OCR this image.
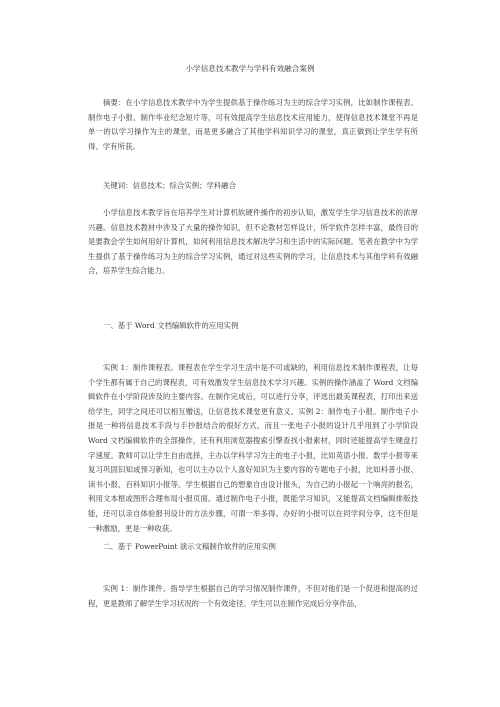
小学信息技术教学与学科有效融合案例

摘要：在小学信息技术教学中为学生提供基于操作练习为主的综合学习实例，比如制作课程表、制作电子小报、制作毕业纪念短片等，可有效提高学生信息技术应用能力，使得信息技术课堂不再是单一的以学习操作为主的课堂，而是更多融合了其他学科知识学习的课堂，真正做到让学生学有所得、学有所获。

关键词：信息技术；综合实例；学科融合

小学信息技术教学旨在培养学生对计算机软硬件操作的初步认知，激发学生学习信息技术的浓厚兴趣。信息技术教材中涉及了大量的操作知识，但不论教材怎样设计，所学软件怎样丰富，最终目的是要教会学生如何用好计算机，如何利用信息技术解决学习和生活中的实际问题。笔者在教学中为学生提供了基于操作练习为主的综合学习实例，通过对这些实例的学习，让信息技术与其他学科有效融合，培养学生综合能力。

一、基于 Word 文档编辑软件的应用实例

实例 1：制作课程表。课程表在学生学习生活中是不可或缺的，利用信息技术制作课程表，让每个学生都有属于自己的课程表，可有效激发学生信息技术学习兴趣。实例的操作涵盖了 Word 文档编辑软件在小学阶段涉及的主要内容。在制作完成后，可以进行分享，评选出最美课程表，打印出来送给学生，同学之间还可以相互赠送，让信息技术课堂更有意义。实例 2：制作电子小报。制作电子小报是一种将信息技术手段与手抄报结合的很好方式，而且一张电子小报的设计几乎用到了小学阶段 Word 文档编辑软件的全部操作，还有利用浏览器搜索引擎查找小报素材，同时还能提高学生键盘打字速度。教师可以让学生自由选择，主办以学科学习为主的电子小报，比如英语小报、数学小报等来复习巩固旧知或预习新知，也可以主办以个人喜好知识为主要内容的专题电子小报，比如科普小报、读书小报、百科知识小报等。学生根据自己的想象自由设计报头，为自己的小报起一个响亮的报名，利用文本框或图形合理布局小报页面。通过制作电子小报，既能学习知识，又能提高文档编辑排版技能，还可以亲自体验报刊设计的方法步骤，可谓一举多得。办好的小报可以在同学间分享，这不但是一种激励，更是一种收获。

二、基于 PowerPoint 演示文稿制作软件的应用实例

实例 1：制作课件。指导学生根据自己的学习情况制作课件，不但对他们是一个促进和提高的过程，更是教师了解学生学习状况的一个有效途径。学生可以在制作完成后分享作品，
